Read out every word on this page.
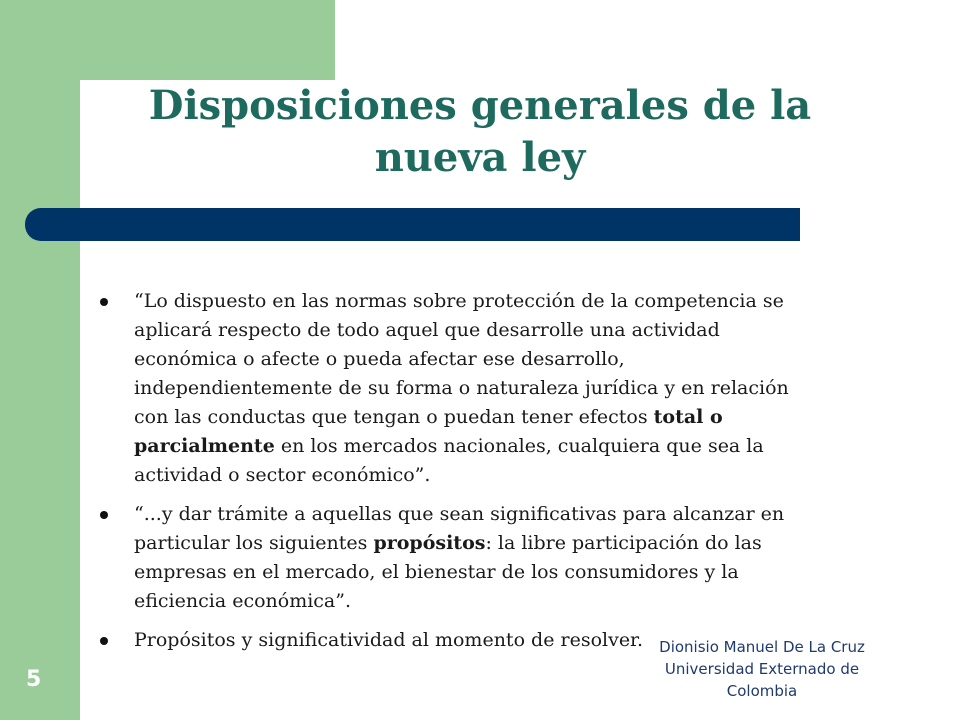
Disposiciones generales de la
nueva ley
“Lo dispuesto en las normas sobre protección de la competencia se
aplicará respecto de todo aquel que desarrolle una actividad
económica o afecte o pueda afectar ese desarrollo,
independientemente de su forma o naturaleza jurídica y en relación
con las conductas que tengan o puedan tener efectos total o
parcialmente en los mercados nacionales, cualquiera que sea la
actividad o sector económico”.
“...y dar trámite a aquellas que sean significativas para alcanzar en
particular los siguientes propósitos: la libre participación do las
empresas en el mercado, el bienestar de los consumidores y la
eficiencia económica”.
Propósitos y significatividad al momento de resolver.	Dionisio Manuel De La Cruz
Universidad Externado de
Colombia
5
